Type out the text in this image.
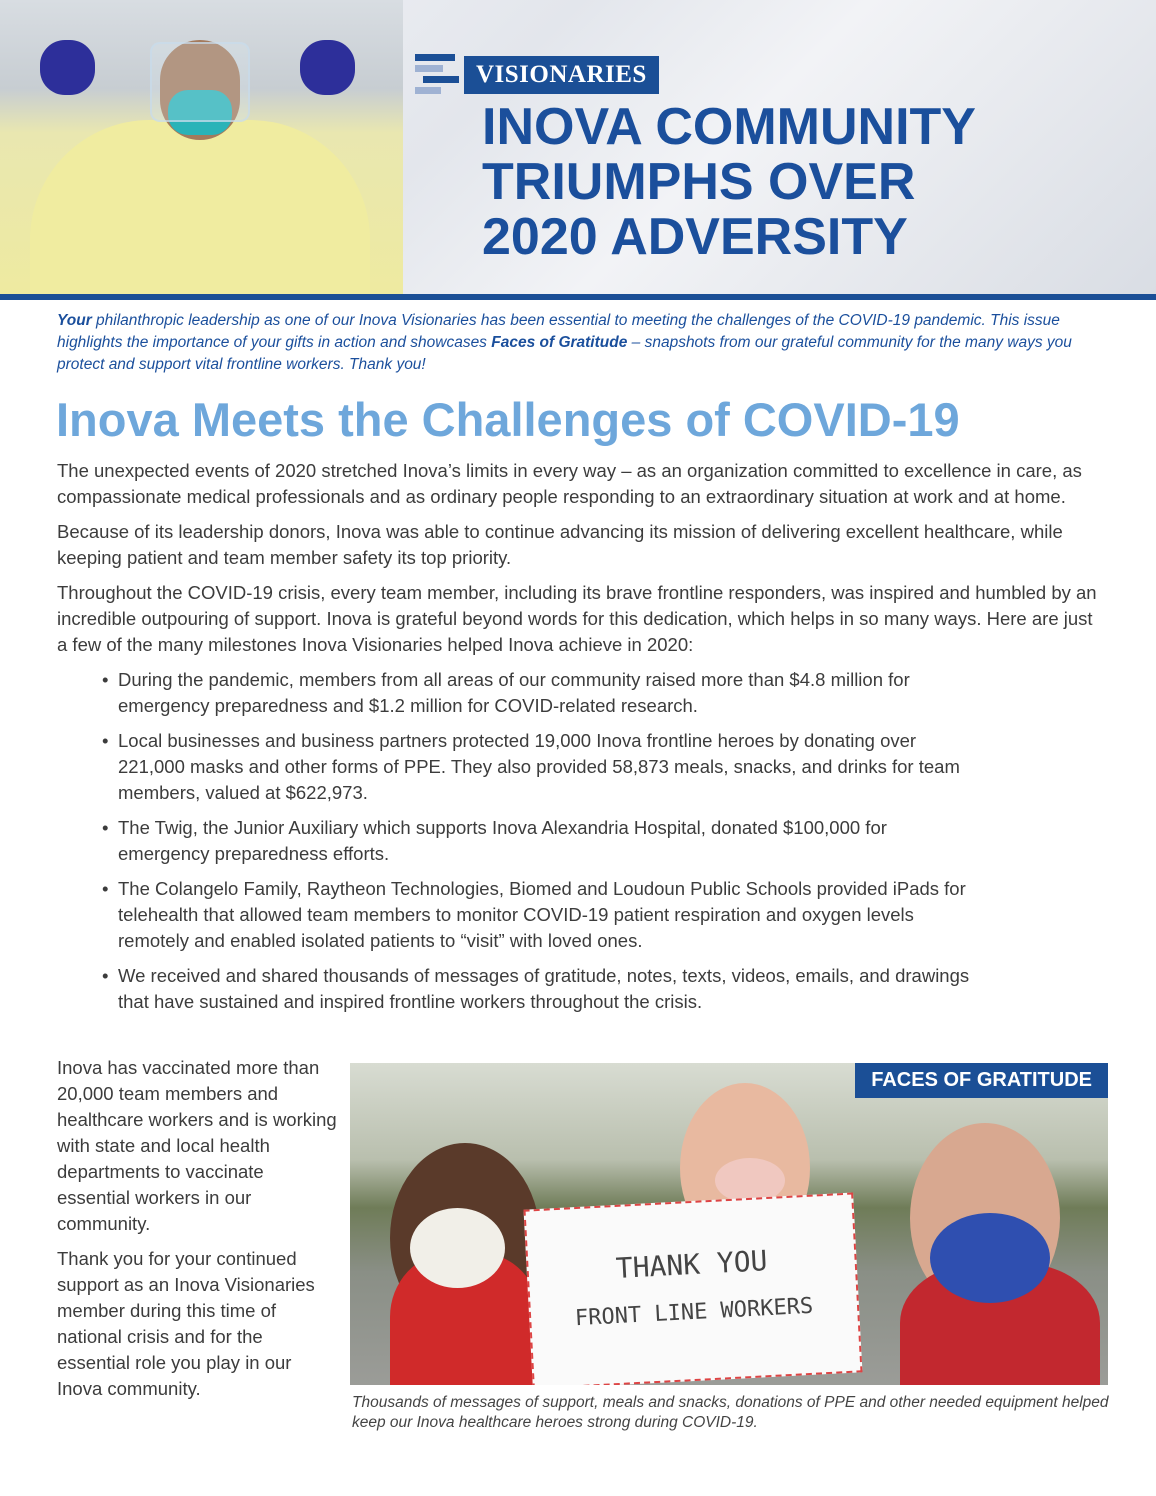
VISIONARIES
INOVA COMMUNITY
TRIUMPHS OVER
2020 ADVERSITY
Your philanthropic leadership as one of our Inova Visionaries has been essential to meeting the challenges of the COVID-19 pandemic. This issue highlights the importance of your gifts in action and showcases Faces of Gratitude – snapshots from our grateful community for the many ways you protect and support vital frontline workers. Thank you!
Inova Meets the Challenges of COVID-19

The unexpected events of 2020 stretched Inova’s limits in every way – as an organization committed to excellence in care, as compassionate medical professionals and as ordinary people responding to an extraordinary situation at work and at home.

Because of its leadership donors, Inova was able to continue advancing its mission of delivering excellent healthcare, while keeping patient and team member safety its top priority.

Throughout the COVID-19 crisis, every team member, including its brave frontline responders, was inspired and humbled by an incredible outpouring of support. Inova is grateful beyond words for this dedication, which helps in so many ways. Here are just a few of the many milestones Inova Visionaries helped Inova achieve in 2020:

• During the pandemic, members from all areas of our community raised more than $4.8 million for emergency preparedness and $1.2 million for COVID-related research.
• Local businesses and business partners protected 19,000 Inova frontline heroes by donating over 221,000 masks and other forms of PPE. They also provided 58,873 meals, snacks, and drinks for team members, valued at $622,973.
• The Twig, the Junior Auxiliary which supports Inova Alexandria Hospital, donated $100,000 for emergency preparedness efforts.
• The Colangelo Family, Raytheon Technologies, Biomed and Loudoun Public Schools provided iPads for telehealth that allowed team members to monitor COVID-19 patient respiration and oxygen levels remotely and enabled isolated patients to “visit” with loved ones.
• We received and shared thousands of messages of gratitude, notes, texts, videos, emails, and drawings that have sustained and inspired frontline workers throughout the crisis.

Inova has vaccinated more than 20,000 team members and healthcare workers and is working with state and local health departments to vaccinate essential workers in our community.

Thank you for your continued support as an Inova Visionaries member during this time of national crisis and for the essential role you play in our Inova community.

THANK YOU
FRONT LINE WORKERS
FACES OF GRATITUDE
Thousands of messages of support, meals and snacks, donations of PPE and other needed equipment helped keep our Inova healthcare heroes strong during COVID-19.
